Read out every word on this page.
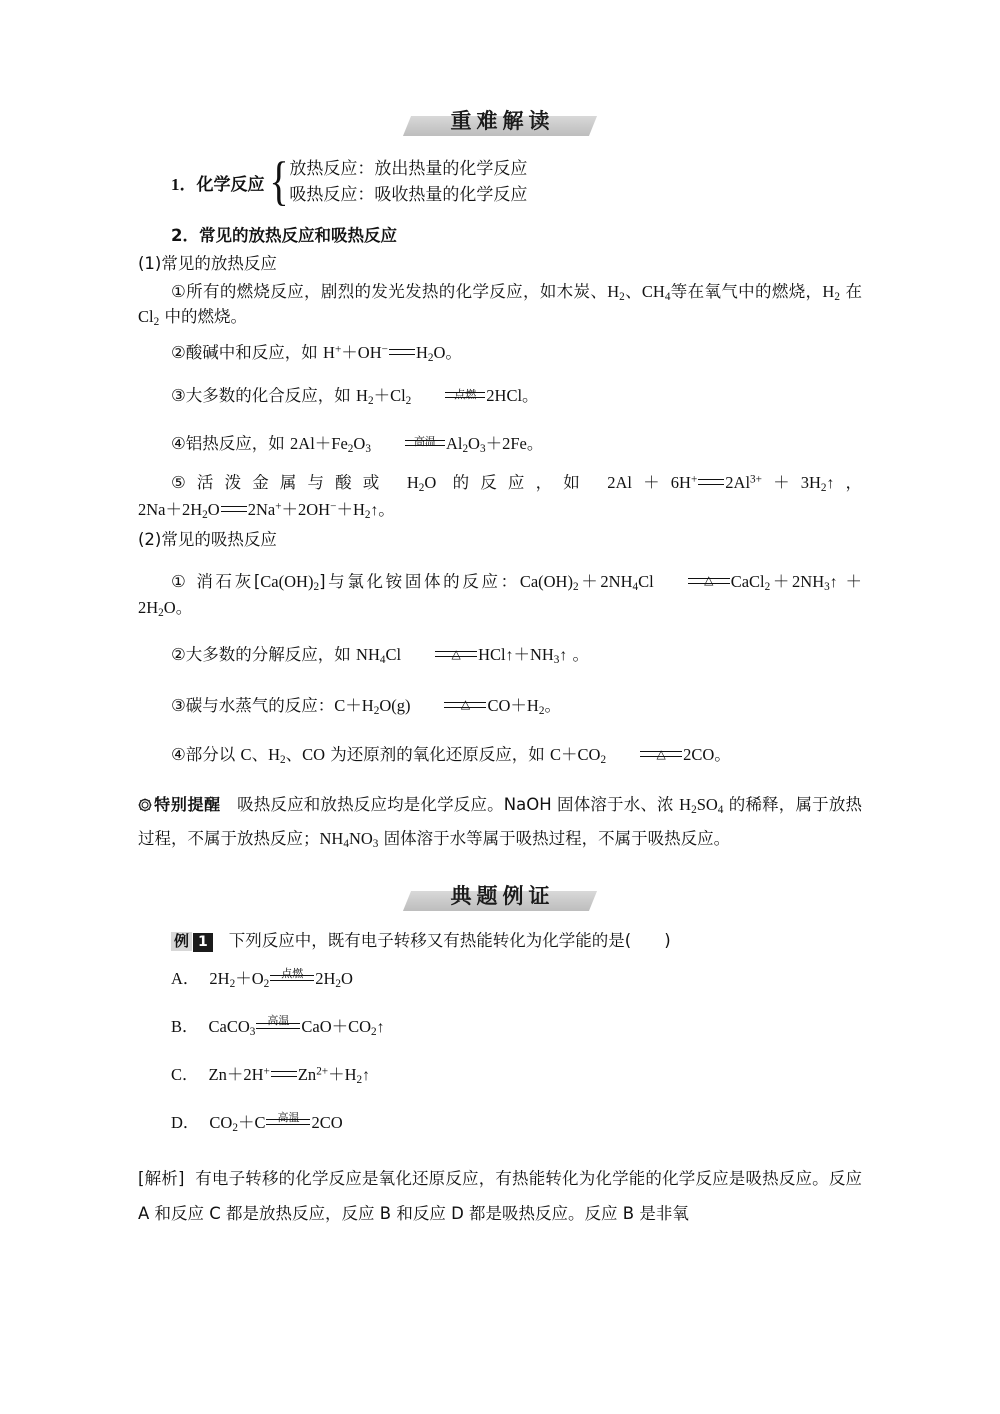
重难解读
1．化学反应 { 放热反应：放出热量的化学反应
吸热反应：吸收热量的化学反应

2．常见的放热反应和吸热反应

(1)常见的放热反应

①所有的燃烧反应，剧烈的发光发热的化学反应，如木炭、$H_2$、$CH_4$等在氧气中的燃烧，$H_2$ 在 $Cl_2$ 中的燃烧。

②酸碱中和反应，如 H+＋OH− $H_2O$。

③大多数的化合反应，如 $H_2+Cl_2$
点燃 2HCl。

④铝热反应，如 $2Al+Fe_2O_3$
高温 $Al_2O_3+2Fe$。

⑤活泼金属与酸或 $H_2O$ 的反应，如 2Al＋6H+ $2Al^{3+}+3H_2↑$，$2Na+2H_2O$ $2Na^++2OH^-+H_2↑$。

(2)常见的吸热反应

① 消石灰$[Ca(OH)_2]$与氯化铵固体的反应：$Ca(OH)_2+2NH_4Cl$	△ $CaCl_2+2NH_3↑ + 2H_2O$。

②大多数的分解反应，如 $NH_4Cl$	△ $HCl↑+NH_3↑$ 。

③碳与水蒸气的反应：$C+H_2O(g)$	△ $CO+H_2$。

④部分以 C、$H_2$、CO 为还原剂的氧化还原反应，如 $C+CO_2$	△ 2CO。

特别提醒 吸热反应和放热反应均是化学反应。NaOH 固体溶于水、浓 $H_2SO_4$ 的稀释，属于放热过程，不属于放热反应；$NH_4NO_3$ 固体溶于水等属于吸热过程，不属于吸热反应。
典题例证
例 1	下列反应中，既有电子转移又有热能转化为化学能的是(　　)
A． $2H_2+O_2$
点燃 $2H_2O$
B． CaCO$_3$
高温 $CaO+CO_2↑$
C． Zn＋2H+ $Zn^{2+}+H_2↑$
D． $CO_2+C$ 高温 2CO
[解析] 有电子转移的化学反应是氧化还原反应，有热能转化为化学能的化学反应是吸热反应。反应 A 和反应 C 都是放热反应，反应 B 和反应 D 都是吸热反应。反应 B 是非氧
